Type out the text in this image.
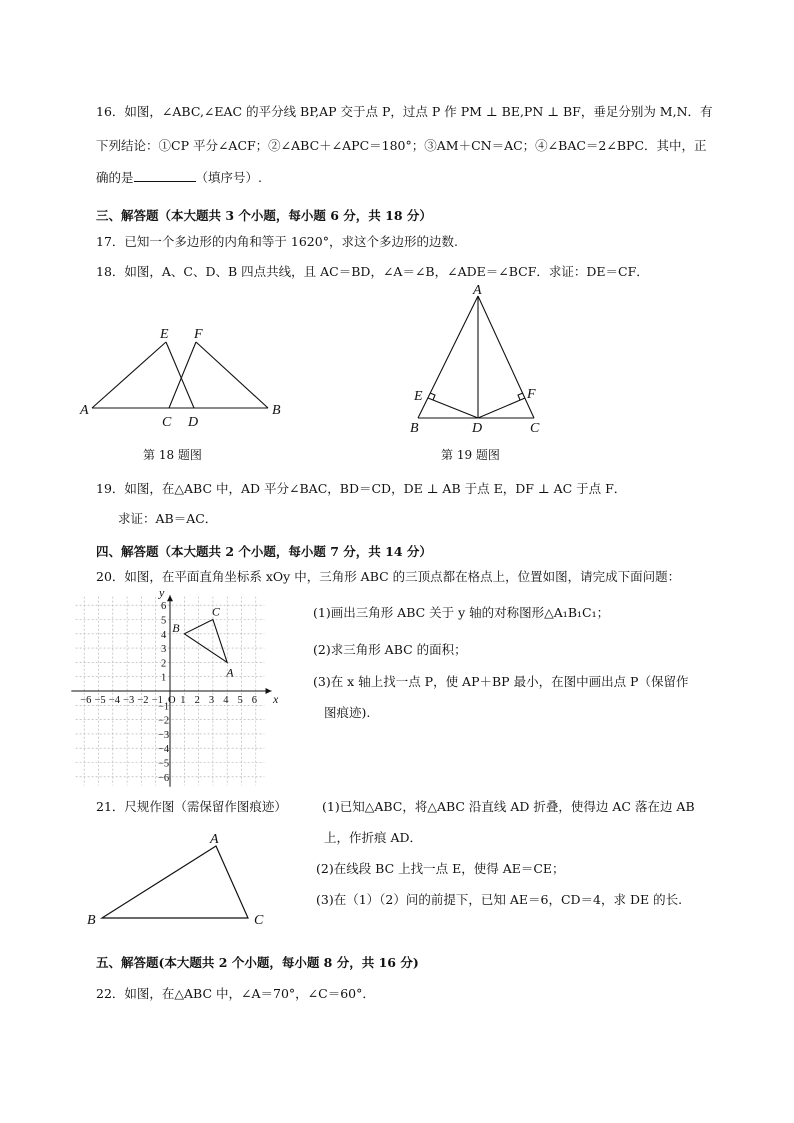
16．如图，∠ABC,∠EAC 的平分线 BP,AP 交于点 P，过点 P 作 PM ⊥ BE,PN ⊥ BF，垂足分别为 M,N．有
下列结论：①CP 平分∠ACF；②∠ABC＋∠APC＝180°；③AM＋CN＝AC；④∠BAC＝2∠BPC．其中，正
确的是	（填序号）.
三、解答题（本大题共 3 个小题，每小题 6 分，共 18 分）
17．已知一个多边形的内角和等于 1620°，求这个多边形的边数.
18．如图，A、C、D、B 四点共线，且 AC＝BD，∠A＝∠B，∠ADE＝∠BCF．求证：DE＝CF．
A	B
C D
E F
第 18 题图
A
B	C
D
E	F
第 19 题图
19．如图，在△ABC 中，AD 平分∠BAC，BD＝CD，DE ⊥ AB 于点 E，DF ⊥ AC 于点 F．
求证：AB＝AC．
四、解答题（本大题共 2 个小题，每小题 7 分，共 14 分）
20．如图，在平面直角坐标系 xOy 中，三角形 ABC 的三顶点都在格点上，位置如图，请完成下面问题：
x
y
−6 −5 −4 −3 −2 −1 O 1 2 3 4 5 6
1
2
3
4
5
6
−1
−2
−3
−4
−5
−6
A
B
C	(1)画出三角形 ABC 关于 y 轴的对称图形△A₁B₁C₁；
(2)求三角形 ABC 的面积；
(3)在 x 轴上找一点 P，使 AP＋BP 最小，在图中画出点 P（保留作
图痕迹).
21．尺规作图（需保留作图痕迹）	(1)已知△ABC，将△ABC 沿直线 AD 折叠，使得边 AC 落在边 AB
上，作折痕 AD．
(2)在线段 BC 上找一点 E，使得 AE＝CE；
(3)在（1）（2）问的前提下，已知 AE＝6，CD＝4，求 DE 的长.
A
B	C
五、解答题(本大题共 2 个小题，每小题 8 分，共 16 分)
22．如图，在△ABC 中，∠A＝70°，∠C＝60°．
